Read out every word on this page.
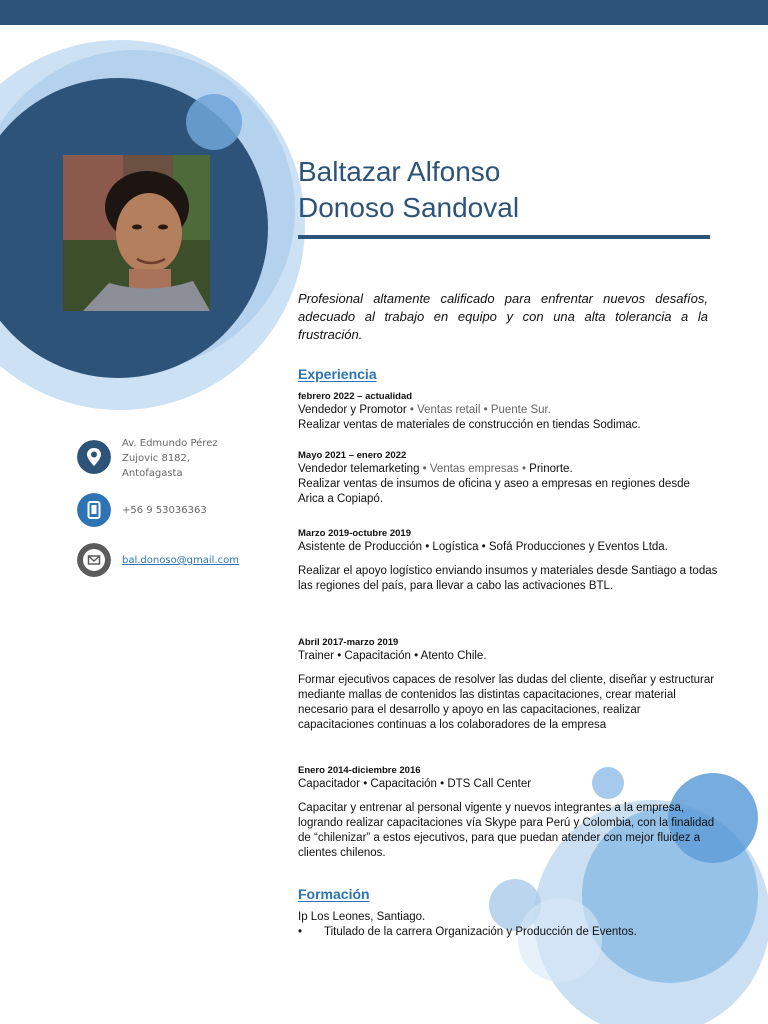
Baltazar Alfonso
Donoso Sandoval

Profesional altamente calificado para enfrentar nuevos desafíos, adecuado al trabajo en equipo y con una alta tolerancia a la frustración.

Av. Edmundo Pérez
Zujovic 8182,
Antofagasta
+56 9 53036363
bal.donoso@gmail.com
Experiencia
febrero 2022 – actualidad
Vendedor y Promotor • Ventas retail • Puente Sur.
Realizar ventas de materiales de construcción en tiendas Sodimac.
Mayo 2021 – enero 2022
Vendedor telemarketing • Ventas empresas • Prinorte.
Realizar ventas de insumos de oficina y aseo a empresas en regiones desde Arica a Copiapó.
Marzo 2019-octubre 2019
Asistente de Producción • Logística • Sofá Producciones y Eventos Ltda.
Realizar el apoyo logístico enviando insumos y materiales desde Santiago a todas las regiones del país, para llevar a cabo las activaciones BTL.
Abril 2017-marzo 2019
Trainer • Capacitación • Atento Chile.
Formar ejecutivos capaces de resolver las dudas del cliente, diseñar y estructurar mediante mallas de contenidos las distintas capacitaciones, crear material necesario para el desarrollo y apoyo en las capacitaciones, realizar capacitaciones continuas a los colaboradores de la empresa
Enero 2014-diciembre 2016
Capacitador • Capacitación • DTS Call Center
Capacitar y entrenar al personal vigente y nuevos integrantes a la empresa, logrando realizar capacitaciones vía Skype para Perú y Colombia, con la finalidad de “chilenizar” a estos ejecutivos, para que puedan atender con mejor fluidez a clientes chilenos.
Formación
Ip Los Leones, Santiago.
•	Titulado de la carrera Organización y Producción de Eventos.
